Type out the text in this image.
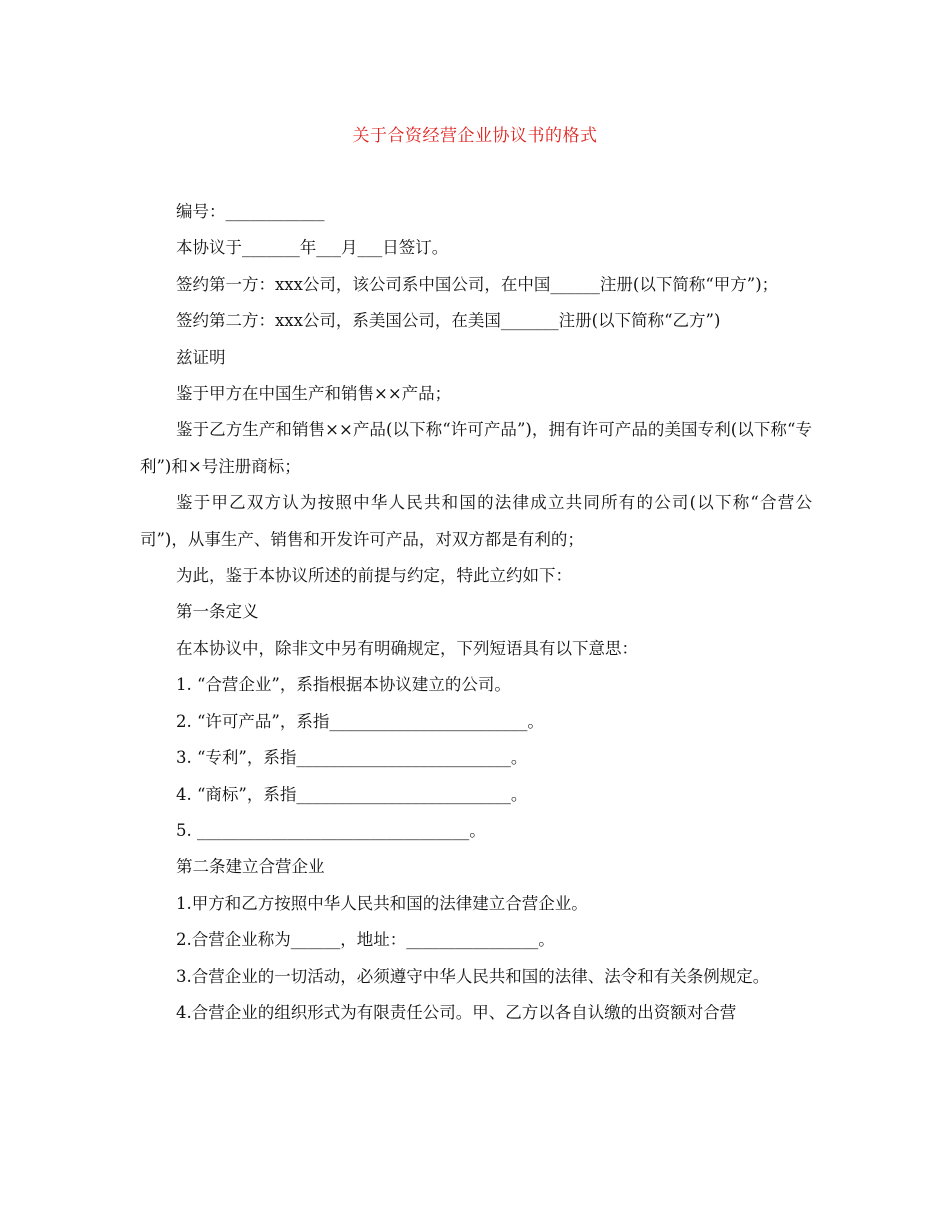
关于合资经营企业协议书的格式

编号：____________

本协议于_______年___月___日签订。

签约第一方：xxx公司，该公司系中国公司，在中国______注册(以下简称“甲方”)；

签约第二方：xxx公司，系美国公司，在美国_______注册(以下简称“乙方”)

兹证明

鉴于甲方在中国生产和销售××产品；

鉴于乙方生产和销售××产品(以下称“许可产品”)，拥有许可产品的美国专利(以下称“专利”)和×号注册商标；

鉴于甲乙双方认为按照中华人民共和国的法律成立共同所有的公司(以下称“合营公司”)，从事生产、销售和开发许可产品，对双方都是有利的；

为此，鉴于本协议所述的前提与约定，特此立约如下：

第一条定义

在本协议中，除非文中另有明确规定，下列短语具有以下意思：

1. “合营企业”，系指根据本协议建立的公司。

2. “许可产品”，系指________________________。

3. “专利”，系指__________________________。

4. “商标”，系指__________________________。

5. _________________________________。

第二条建立合营企业

1.甲方和乙方按照中华人民共和国的法律建立合营企业。

2.合营企业称为______，地址：________________。

3.合营企业的一切活动，必须遵守中华人民共和国的法律、法令和有关条例规定。

4.合营企业的组织形式为有限责任公司。甲、乙方以各自认缴的出资额对合营
